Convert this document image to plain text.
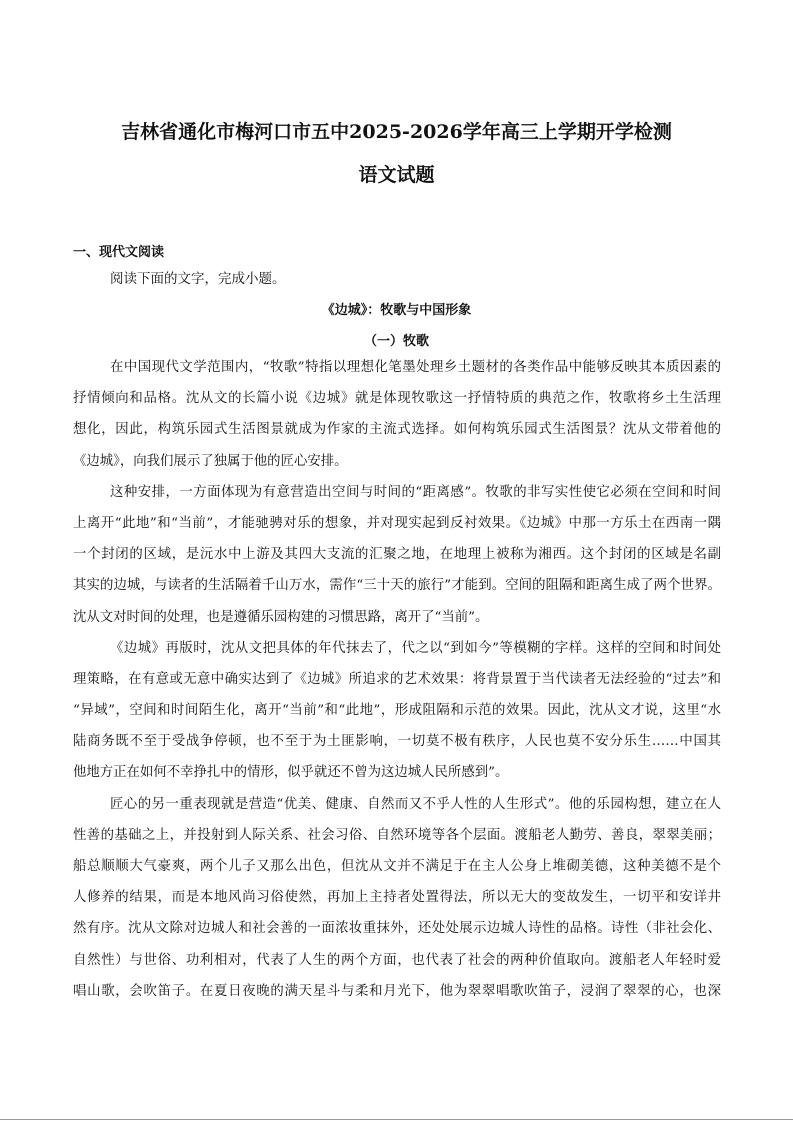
吉林省通化市梅河口市五中2025-2026学年高三上学期开学检测
语文试题
一、现代文阅读
阅读下面的文字，完成小题。
《边城》：牧歌与中国形象
（一）牧歌
在中国现代文学范围内，“牧歌”特指以理想化笔墨处理乡土题材的各类作品中能够反映其本质因素的
抒情倾向和品格。沈从文的长篇小说《边城》就是体现牧歌这一抒情特质的典范之作，牧歌将乡土生活理
想化，因此，构筑乐园式生活图景就成为作家的主流式选择。如何构筑乐园式生活图景？沈从文带着他的
《边城》，向我们展示了独属于他的匠心安排。
这种安排，一方面体现为有意营造出空间与时间的“距离感”。牧歌的非写实性使它必须在空间和时间
上离开“此地”和“当前”，才能驰骋对乐的想象，并对现实起到反衬效果。《边城》中那一方乐土在西南一隅
一个封闭的区域，是沅水中上游及其四大支流的汇聚之地，在地理上被称为湘西。这个封闭的区域是名副
其实的边城，与读者的生活隔着千山万水，需作“三十天的旅行”才能到。空间的阻隔和距离生成了两个世界。
沈从文对时间的处理，也是遵循乐园构建的习惯思路，离开了“当前”。
《边城》再版时，沈从文把具体的年代抹去了，代之以“到如今”等模糊的字样。这样的空间和时间处
理策略，在有意或无意中确实达到了《边城》所追求的艺术效果：将背景置于当代读者无法经验的“过去”和
“异域”，空间和时间陌生化，离开“当前”和“此地”，形成阻隔和示范的效果。因此，沈从文才说，这里“水
陆商务既不至于受战争停顿，也不至于为土匪影响，一切莫不极有秩序，人民也莫不安分乐生……中国其
他地方正在如何不幸挣扎中的情形，似乎就还不曾为这边城人民所感到”。
匠心的另一重表现就是营造“优美、健康、自然而又不乎人性的人生形式”。他的乐园构想，建立在人
性善的基础之上，并投射到人际关系、社会习俗、自然环境等各个层面。渡船老人勤劳、善良，翠翠美丽；
船总顺顺大气豪爽，两个儿子又那么出色，但沈从文并不满足于在主人公身上堆砌美德，这种美德不是个
人修养的结果，而是本地风尚习俗使然，再加上主持者处置得法，所以无大的变故发生，一切平和安详井
然有序。沈从文除对边城人和社会善的一面浓妆重抹外，还处处展示边城人诗性的品格。诗性（非社会化、
自然性）与世俗、功利相对，代表了人生的两个方面，也代表了社会的两种价值取向。渡船老人年轻时爱
唱山歌，会吹笛子。在夏日夜晚的满天星斗与柔和月光下，他为翠翠唱歌吹笛子，浸润了翠翠的心，也深
